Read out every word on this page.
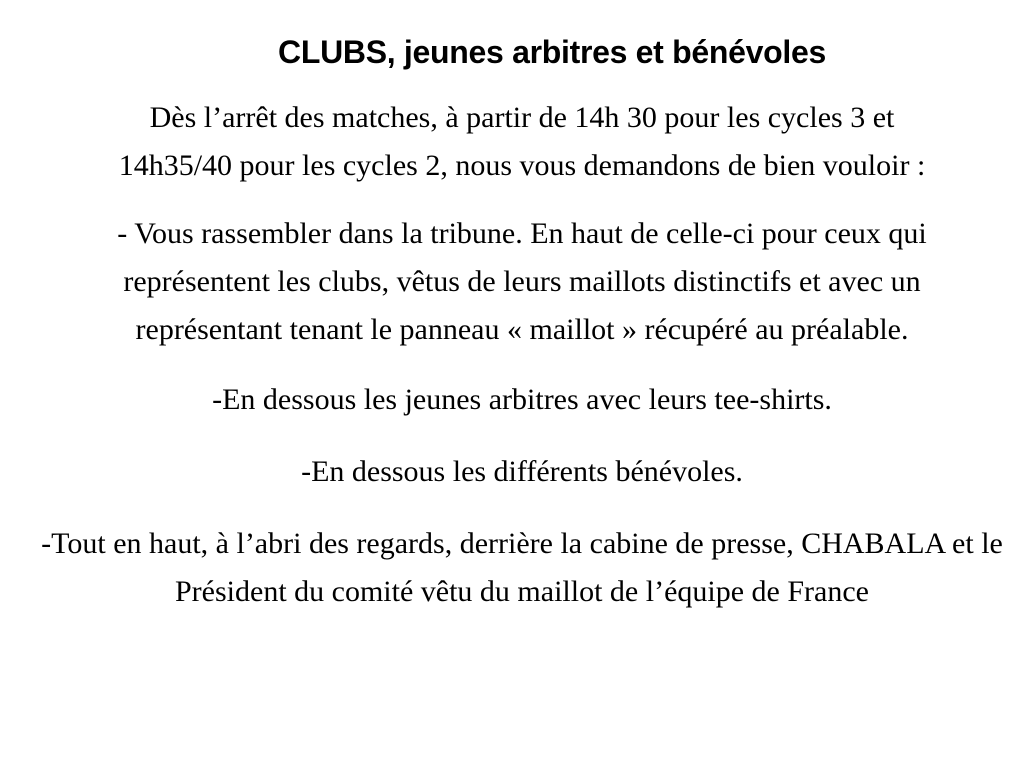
CLUBS, jeunes arbitres et bénévoles

Dès l’arrêt des matches, à partir de 14h 30 pour les cycles 3 et 14h35/40 pour les cycles 2, nous vous demandons de bien vouloir :

- Vous rassembler dans la tribune. En haut de celle-ci pour ceux qui représentent les clubs, vêtus de leurs maillots distinctifs et avec un représentant tenant le panneau « maillot » récupéré au préalable.

-En dessous les jeunes arbitres avec leurs tee-shirts.

-En dessous les différents bénévoles.

-Tout en haut, à l’abri des regards, derrière la cabine de presse, CHABALA et le Président du comité vêtu du maillot de l’équipe de France
